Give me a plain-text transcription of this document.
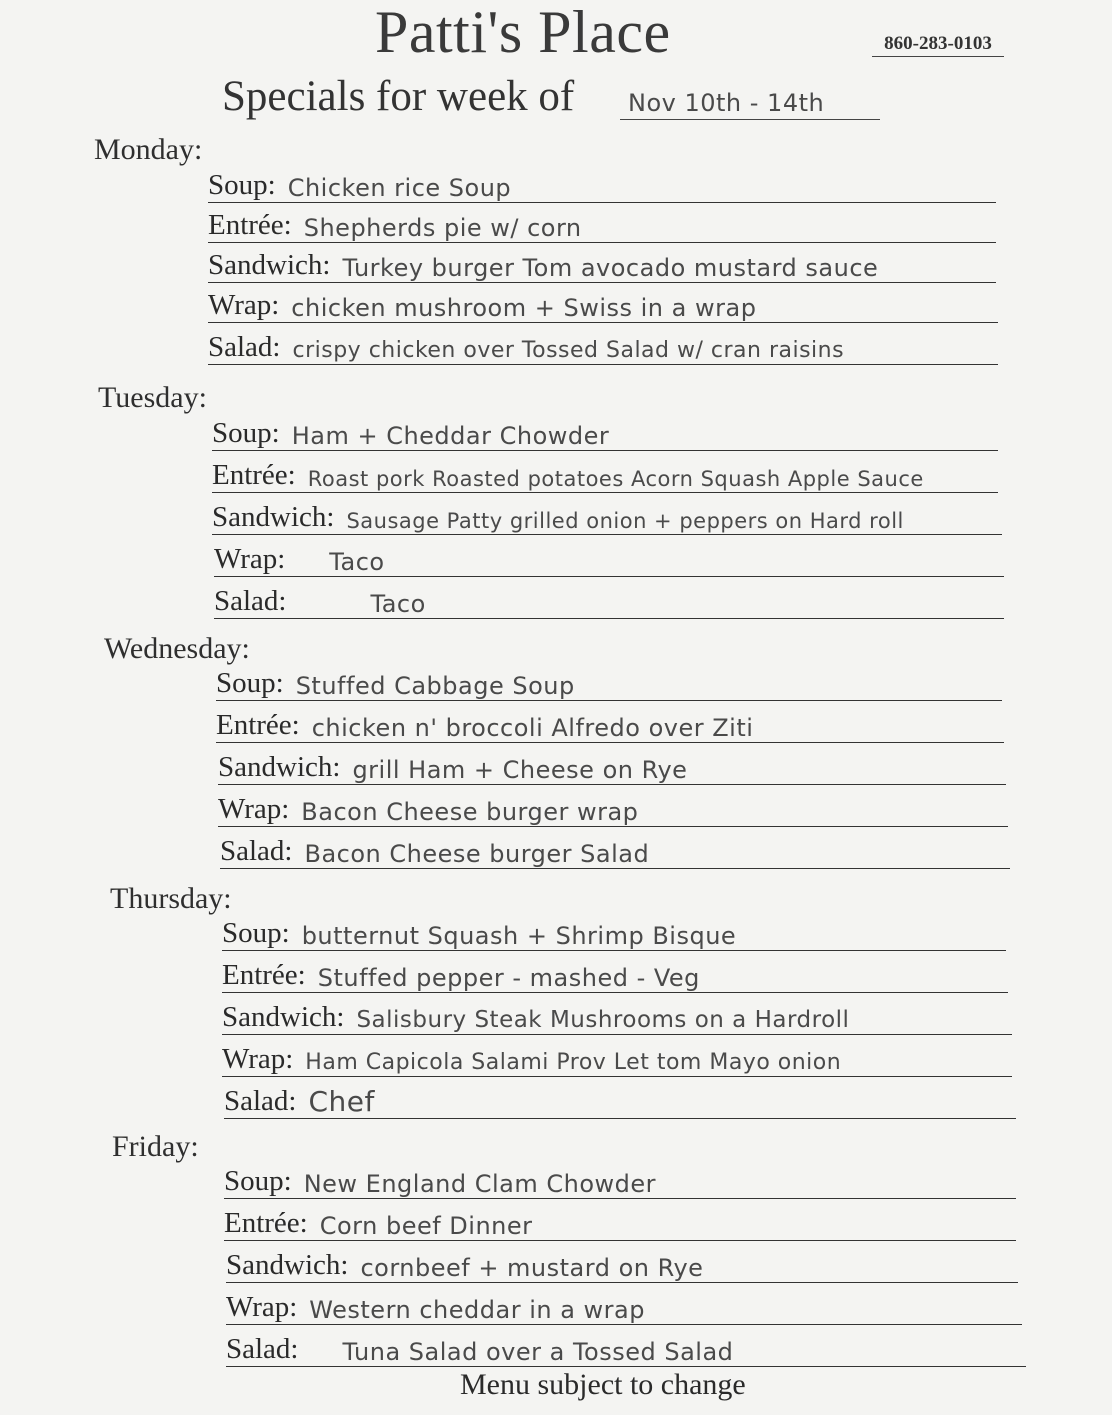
Patti's Place	860-283-0103
Specials for week of Nov 10th - 14th
Monday:
Soup: Chicken rice Soup
Entrée: Shepherds pie w/ corn
Sandwich: Turkey burger Tom avocado mustard sauce
Wrap: chicken mushroom + Swiss in a wrap
Salad: crispy chicken over Tossed Salad w/ cran raisins
Tuesday:
Soup: Ham + Cheddar Chowder
Entrée: Roast pork Roasted potatoes Acorn Squash Apple Sauce
Sandwich: Sausage Patty grilled onion + peppers on Hard roll
Wrap:	Taco
Salad:	Taco
Wednesday:
Soup: Stuffed Cabbage Soup
Entrée: chicken n' broccoli Alfredo over Ziti
Sandwich: grill Ham + Cheese on Rye
Wrap: Bacon Cheese burger wrap
Salad: Bacon Cheese burger Salad
Thursday:
Soup: butternut Squash + Shrimp Bisque
Entrée: Stuffed pepper - mashed - Veg
Sandwich: Salisbury Steak Mushrooms on a Hardroll
Wrap: Ham Capicola Salami Prov Let tom Mayo onion
Salad: Chef
Friday:
Soup: New England Clam Chowder
Entrée: Corn beef Dinner
Sandwich: cornbeef + mustard on Rye
Wrap: Western cheddar in a wrap
Salad:	Tuna Salad over a Tossed Salad
Menu subject to change
